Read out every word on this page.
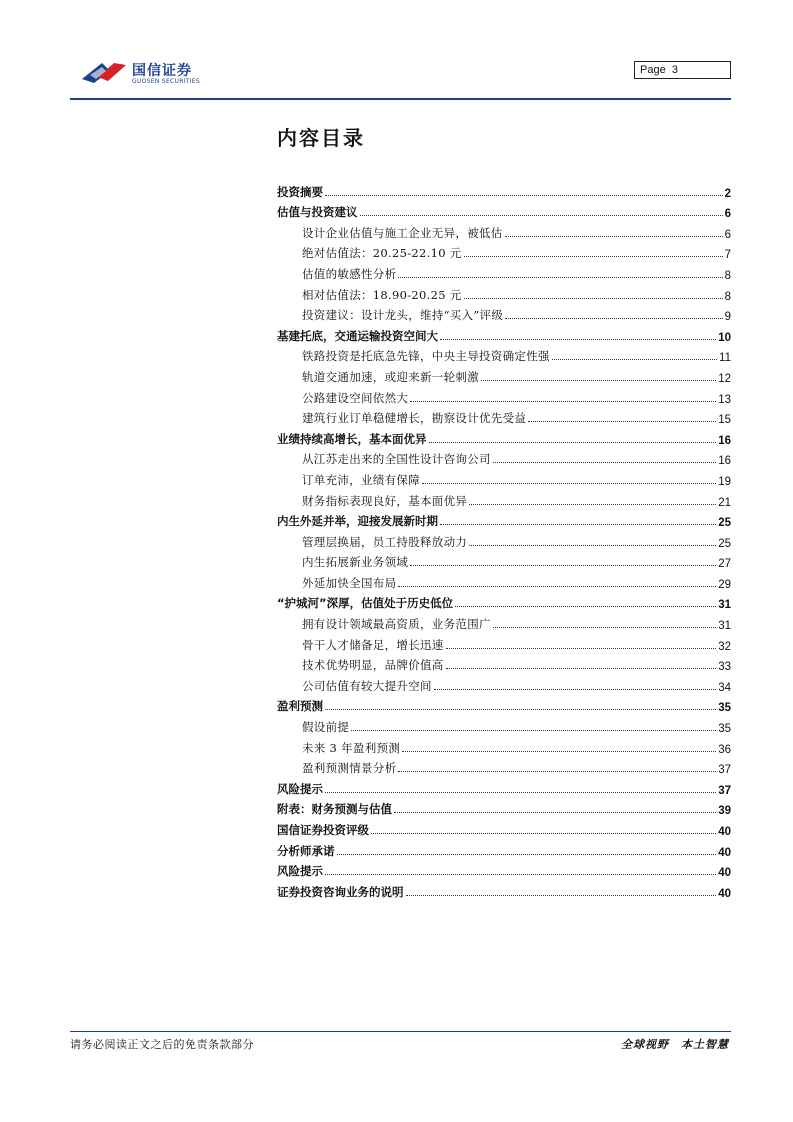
国信证券
GUOSEN SECURITIES
Page 3
内容目录
投资摘要	2
估值与投资建议	6
设计企业估值与施工企业无异，被低估	6
绝对估值法：20.25-22.10 元	7
估值的敏感性分析	8
相对估值法：18.90-20.25 元	8
投资建议：设计龙头，维持“买入”评级	9
基建托底，交通运输投资空间大	10
铁路投资是托底急先锋，中央主导投资确定性强	11
轨道交通加速，或迎来新一轮刺激	12
公路建设空间依然大	13
建筑行业订单稳健增长，勘察设计优先受益	15
业绩持续高增长，基本面优异	16
从江苏走出来的全国性设计咨询公司	16
订单充沛，业绩有保障	19
财务指标表现良好，基本面优异	21
内生外延并举，迎接发展新时期	25
管理层换届，员工持股释放动力	25
内生拓展新业务领域	27
外延加快全国布局	29
“护城河”深厚，估值处于历史低位	31
拥有设计领域最高资质，业务范围广	31
骨干人才储备足，增长迅速	32
技术优势明显，品牌价值高	33
公司估值有较大提升空间	34
盈利预测	35
假设前提	35
未来 3 年盈利预测	36
盈利预测情景分析	37
风险提示	37
附表：财务预测与估值	39
国信证券投资评级	40
分析师承诺	40
风险提示	40
证券投资咨询业务的说明	40
请务必阅读正文之后的免责条款部分	全球视野　本土智慧
